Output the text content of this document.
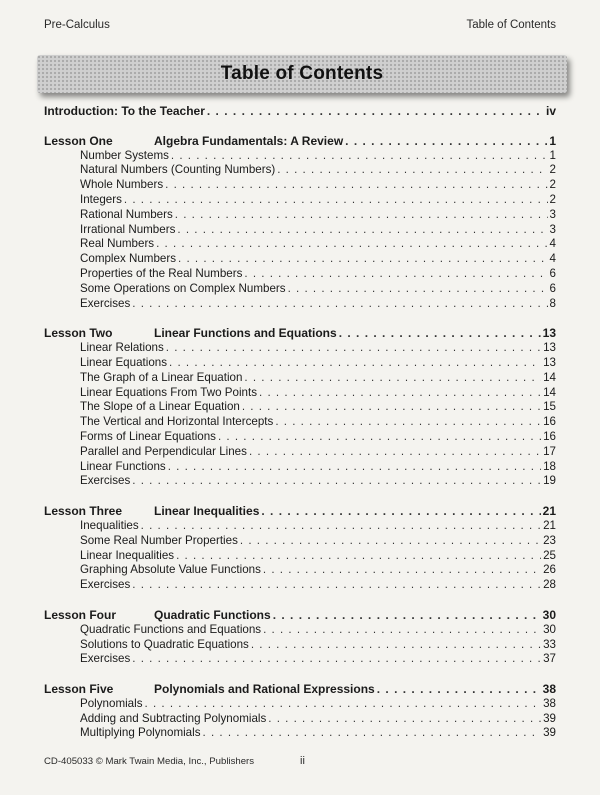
Pre-Calculus	Table of Contents
Table of Contents
Introduction: To the Teacher . . .	iv
Lesson One	Algebra Fundamentals: A Review . . .	1
Number Systems . . .	1
Natural Numbers (Counting Numbers) . . .	2
Whole Numbers . . .	2
Integers . . .	2
Rational Numbers . . .	3
Irrational Numbers . . .	3
Real Numbers . . .	4
Complex Numbers . . .	4
Properties of the Real Numbers . . .	6
Some Operations on Complex Numbers . . .	6
Exercises . . .	8
Lesson Two	Linear Functions and Equations . . .	13
Linear Relations . . .	13
Linear Equations . . .	13
The Graph of a Linear Equation . . .	14
Linear Equations From Two Points . . .	14
The Slope of a Linear Equation . . .	15
The Vertical and Horizontal Intercepts . . .	16
Forms of Linear Equations . . .	16
Parallel and Perpendicular Lines . . .	17
Linear Functions . . .	18
Exercises . . .	19
Lesson Three	Linear Inequalities . . .	21
Inequalities . . .	21
Some Real Number Properties . . .	23
Linear Inequalities . . .	25
Graphing Absolute Value Functions . . .	26
Exercises . . .	28
Lesson Four	Quadratic Functions . . .	30
Quadratic Functions and Equations . . .	30
Solutions to Quadratic Equations . . .	33
Exercises . . .	37
Lesson Five	Polynomials and Rational Expressions . . .	38
Polynomials . . .	38
Adding and Subtracting Polynomials . . .	39
Multiplying Polynomials . . .	39
CD-405033 © Mark Twain Media, Inc., Publishers	ii
